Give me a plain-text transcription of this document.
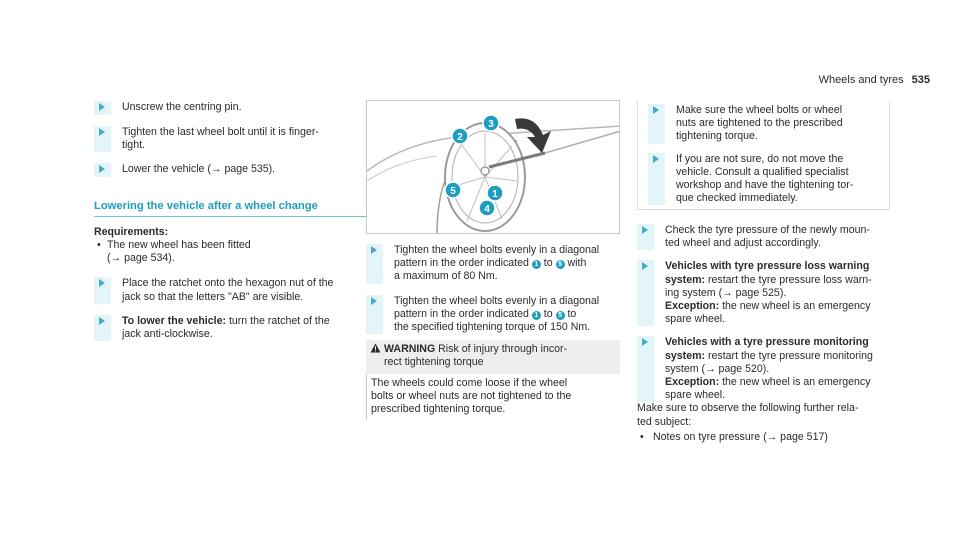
Wheels and tyres 535
Unscrew the centring pin.
Tighten the last wheel bolt until it is finger-
tight.
Lower the vehicle (→ page 535).
Lowering the vehicle after a wheel change
Requirements:
• The new wheel has been fitted
(→ page 534).
Place the ratchet onto the hexagon nut of the
jack so that the letters "AB" are visible.
To lower the vehicle: turn the ratchet of the
jack anti-clockwise.
2
3
5	1
4
Tighten the wheel bolts evenly in a diagonal
pattern in the order indicated 1 to 5 with
a maximum of 80 Nm.
Tighten the wheel bolts evenly in a diagonal
pattern in the order indicated 1 to 5 to
the specified tightening torque of 150 Nm.
WARNING Risk of injury through incor-
rect tightening torque
The wheels could come loose if the wheel
bolts or wheel nuts are not tightened to the
prescribed tightening torque.
Make sure the wheel bolts or wheel
nuts are tightened to the prescribed
tightening torque.
If you are not sure, do not move the
vehicle. Consult a qualified specialist
workshop and have the tightening tor-
que checked immediately.
Check the tyre pressure of the newly moun-
ted wheel and adjust accordingly.
Vehicles with tyre pressure loss warning
system: restart the tyre pressure loss warn-
ing system (→ page 525).
Exception: the new wheel is an emergency
spare wheel.
Vehicles with a tyre pressure monitoring
system: restart the tyre pressure monitoring
system (→ page 520).
Exception: the new wheel is an emergency
spare wheel.
Make sure to observe the following further rela-
ted subject:
• Notes on tyre pressure (→ page 517)
